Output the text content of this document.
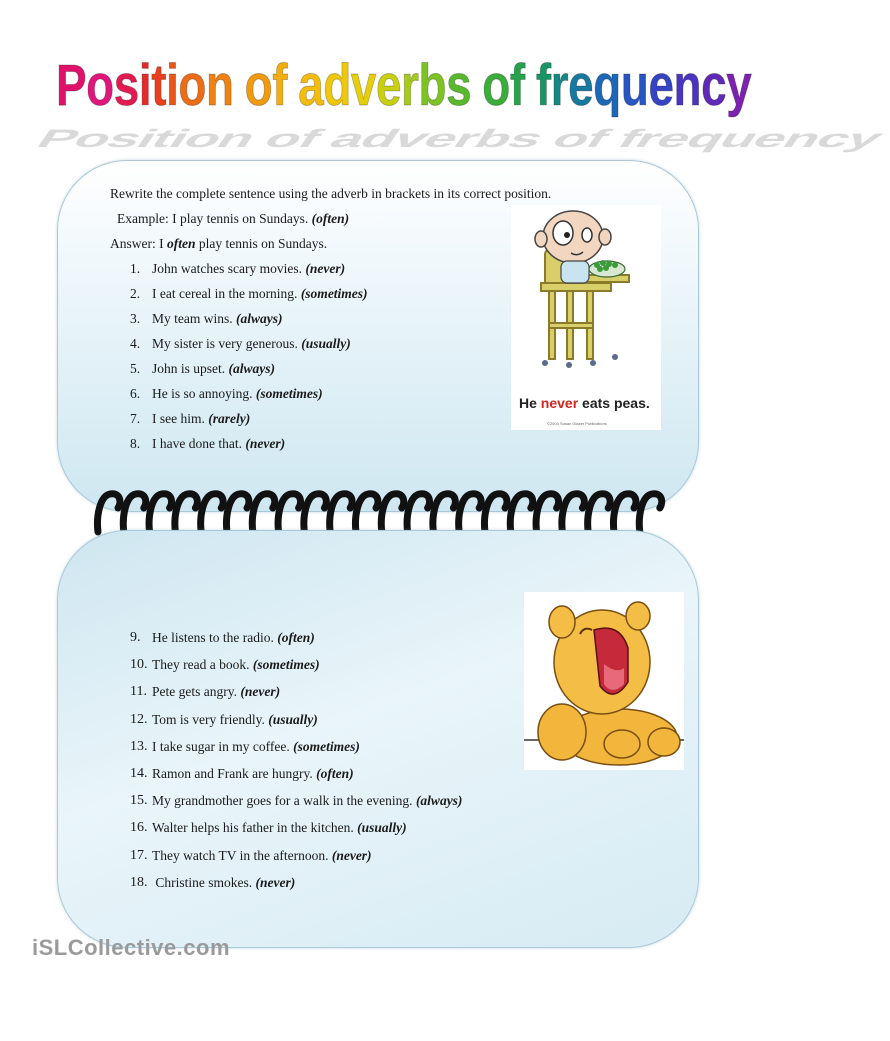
Position of adverbs of frequency
Position of adverbs of frequency
Rewrite the complete sentence using the adverb in brackets in its correct position.
Example: I play tennis on Sundays. (often)
Answer: I often play tennis on Sundays.
1. John watches scary movies. (never)
2. I eat cereal in the morning. (sometimes)
3. My team wins. (always)
4. My sister is very generous. (usually)
5. John is upset. (always)
6. He is so annoying. (sometimes)
7. I see him. (rarely)
8. I have done that. (never)
He never eats peas.
©2004 Susan Glazer Publications
9. He listens to the radio. (often)
10. They read a book. (sometimes)
11. Pete gets angry. (never)
12. Tom is very friendly. (usually)
13. I take sugar in my coffee. (sometimes)
14. Ramon and Frank are hungry. (often)
15. My grandmother goes for a walk in the evening. (always)
16. Walter helps his father in the kitchen. (usually)
17. They watch TV in the afternoon. (never)
18. Christine smokes. (never)
iSLCollective.com
